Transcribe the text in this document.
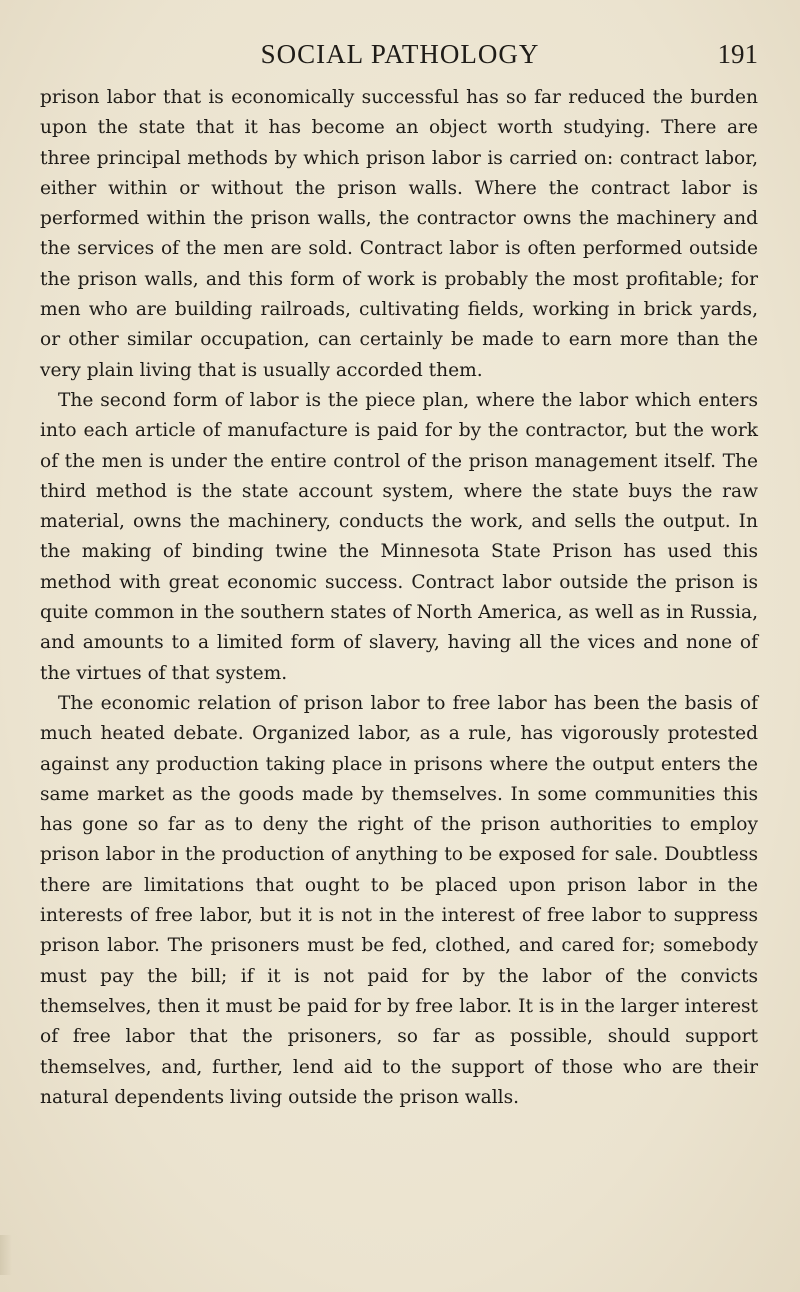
SOCIAL PATHOLOGY	191

prison labor that is economically successful has so far reduced the burden upon the state that it has become an object worth studying. There are three principal methods by which prison labor is carried on: contract labor, either within or without the prison walls. Where the contract labor is performed within the prison walls, the contractor owns the machinery and the services of the men are sold. Contract labor is often performed outside the prison walls, and this form of work is probably the most profitable; for men who are building railroads, cultivating fields, working in brick yards, or other similar occupation, can certainly be made to earn more than the very plain living that is usually accorded them.

The second form of labor is the piece plan, where the labor which enters into each article of manufacture is paid for by the contractor, but the work of the men is under the entire control of the prison management itself. The third method is the state account system, where the state buys the raw material, owns the machinery, conducts the work, and sells the output. In the making of binding twine the Minnesota State Prison has used this method with great economic success. Contract labor outside the prison is quite common in the southern states of North America, as well as in Russia, and amounts to a limited form of slavery, having all the vices and none of the virtues of that system.

The economic relation of prison labor to free labor has been the basis of much heated debate. Organized labor, as a rule, has vigorously protested against any production taking place in prisons where the output enters the same market as the goods made by themselves. In some communities this has gone so far as to deny the right of the prison authorities to employ prison labor in the production of anything to be exposed for sale. Doubtless there are limitations that ought to be placed upon prison labor in the interests of free labor, but it is not in the interest of free labor to suppress prison labor. The prisoners must be fed, clothed, and cared for; somebody must pay the bill; if it is not paid for by the labor of the convicts themselves, then it must be paid for by free labor. It is in the larger interest of free labor that the prisoners, so far as possible, should support themselves, and, further, lend aid to the support of those who are their natural dependents living outside the prison walls.
